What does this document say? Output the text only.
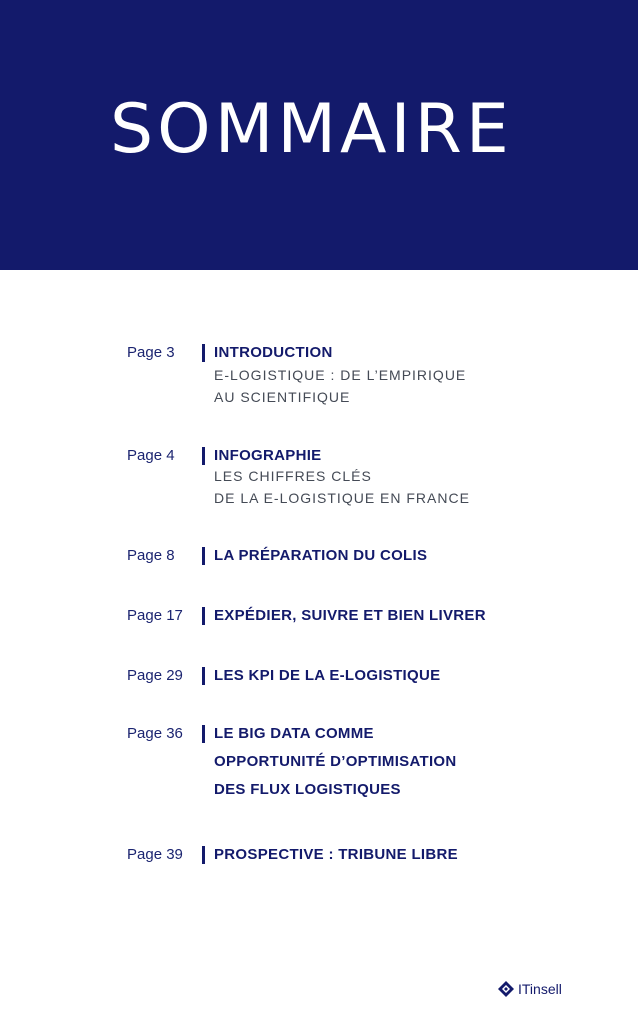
SOMMAIRE
Page 3	INTRODUCTION
E-LOGISTIQUE : DE L’EMPIRIQUE
AU SCIENTIFIQUE
Page 4	INFOGRAPHIE
LES CHIFFRES CLÉS
DE LA E-LOGISTIQUE EN FRANCE
Page 8	LA PRÉPARATION DU COLIS
Page 17 EXPÉDIER, SUIVRE ET BIEN LIVRER
Page 29 LES KPI DE LA E-LOGISTIQUE
Page 36 LE BIG DATA COMME
OPPORTUNITÉ D’OPTIMISATION
DES FLUX LOGISTIQUES
Page 39 PROSPECTIVE : TRIBUNE LIBRE
ITinsell
